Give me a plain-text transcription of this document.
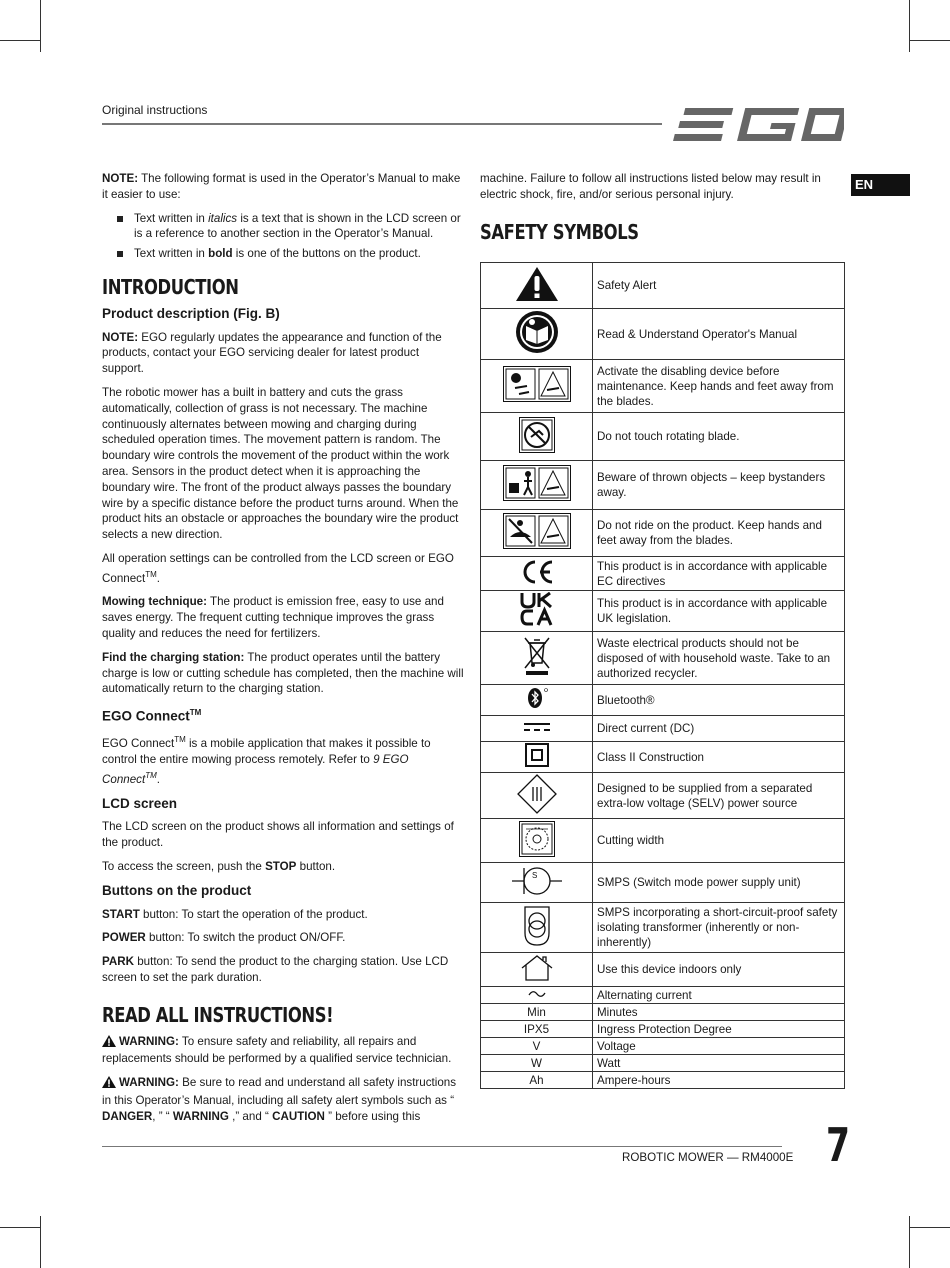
Original instructions
EN

NOTE: The following format is used in the Operator’s Manual to make it easier to use:

Text written in italics is a text that is shown in the LCD screen or is a reference to another section in the Operator’s Manual.
Text written in bold is one of the buttons on the product.
INTRODUCTION
Product description (Fig. B)

NOTE: EGO regularly updates the appearance and function of the products, contact your EGO servicing dealer for latest product support.

The robotic mower has a built in battery and cuts the grass automatically, collection of grass is not necessary. The machine continuously alternates between mowing and charging during scheduled operation times. The movement pattern is random. The boundary wire controls the movement of the product within the work area. Sensors in the product detect when it is approaching the boundary wire. The front of the product always passes the boundary wire by a specific distance before the product turns around. When the product hits an obstacle or approaches the boundary wire the product selects a new direction.

All operation settings can be controlled from the LCD screen or EGO Connect™.

Mowing technique: The product is emission free, easy to use and saves energy. The frequent cutting technique improves the grass quality and reduces the need for fertilizers.

Find the charging station: The product operates until the battery charge is low or cutting schedule has completed, then the machine will automatically return to the charging station.

EGO Connect™

EGO Connect™ is a mobile application that makes it possible to control the entire mowing process remotely. Refer to 9 EGO Connect™.

LCD screen

The LCD screen on the product shows all information and settings of the product.

To access the screen, push the STOP button.

Buttons on the product

START button: To start the operation of the product.

POWER button: To switch the product ON/OFF.

PARK button: To send the product to the charging station. Use LCD screen to set the park duration.

READ ALL INSTRUCTIONS!

WARNING: To ensure safety and reliability, all repairs and replacements should be performed by a qualified service technician.

WARNING: Be sure to read and understand all safety instructions in this Operator’s Manual, including all safety alert symbols such as “ DANGER, ” “ WARNING ,” and “ CAUTION ” before using this

machine. Failure to follow all instructions listed below may result in electric shock, fire, and/or serious personal injury.

SAFETY SYMBOLS
	Safety Alert
	Read & Understand Operator's Manual
	Activate the disabling device before maintenance. Keep hands and feet away from the blades.
	Do not touch rotating blade.
	Beware of thrown objects – keep bystanders away.
	Do not ride on the product. Keep hands and feet away from the blades.
	This product is in accordance with applicable EC directives
	This product is in accordance with applicable UK legislation.
	Waste electrical products should not be disposed of with household waste. Take to an authorized recycler.
	Bluetooth®
	Direct current (DC)
	Class II Construction
	Designed to be supplied from a separated extra-low voltage (SELV) power source
	Cutting width

S	SMPS (Switch mode power supply unit)
	SMPS incorporating a short-circuit-proof safety isolating transformer (inherently or non-inherently)
	Use this device indoors only
	Alternating current
Min	Minutes
IPX5	Ingress Protection Degree
V	Voltage
W	Watt
Ah	Ampere-hours
ROBOTIC MOWER — RM4000E 7
